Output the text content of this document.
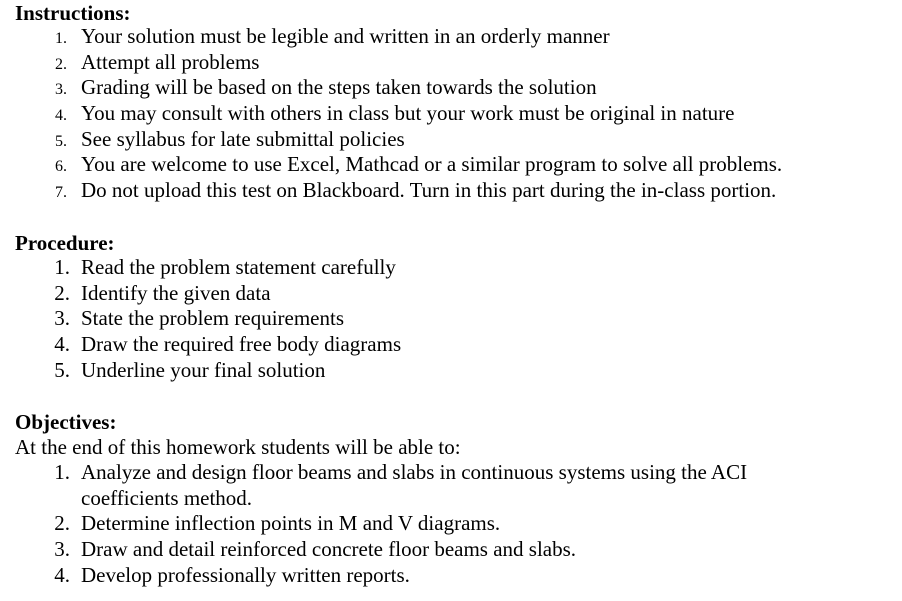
Instructions:
1. Your solution must be legible and written in an orderly manner
2. Attempt all problems
3. Grading will be based on the steps taken towards the solution
4. You may consult with others in class but your work must be original in nature
5. See syllabus for late submittal policies
6. You are welcome to use Excel, Mathcad or a similar program to solve all problems.
7. Do not upload this test on Blackboard. Turn in this part during the in-class portion.
Procedure:
1. Read the problem statement carefully
2. Identify the given data
3. State the problem requirements
4. Draw the required free body diagrams
5. Underline your final solution
Objectives:
At the end of this homework students will be able to:
1. Analyze and design floor beams and slabs in continuous systems using the ACI coefficients method.
2. Determine inflection points in M and V diagrams.
3. Draw and detail reinforced concrete floor beams and slabs.
4. Develop professionally written reports.
